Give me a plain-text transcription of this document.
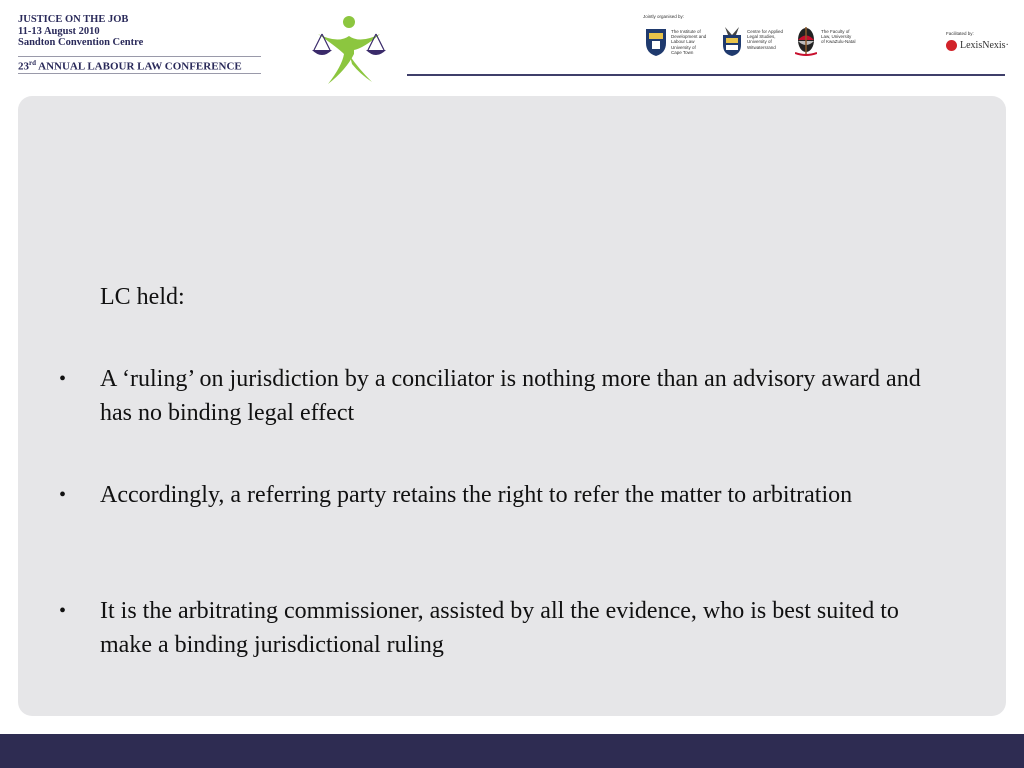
JUSTICE ON THE JOB
11-13 August 2010
Sandton Convention Centre
23rd ANNUAL LABOUR LAW CONFERENCE
Jointly organised by:
The Institute of
Development and
Labour Law
University of
Cape Town
Centre for Applied
Legal Studies,
University of
Witwatersrand
The Faculty of
Law, University
of KwaZulu-Natal
Facilitated by:
LexisNexis·
LC held:
• A ‘ruling’ on jurisdiction by a conciliator is nothing more than an advisory award and has no binding legal effect
• Accordingly, a referring party retains the right to refer the matter to arbitration
• It is the arbitrating commissioner, assisted by all the evidence, who is best suited to make a binding jurisdictional ruling
